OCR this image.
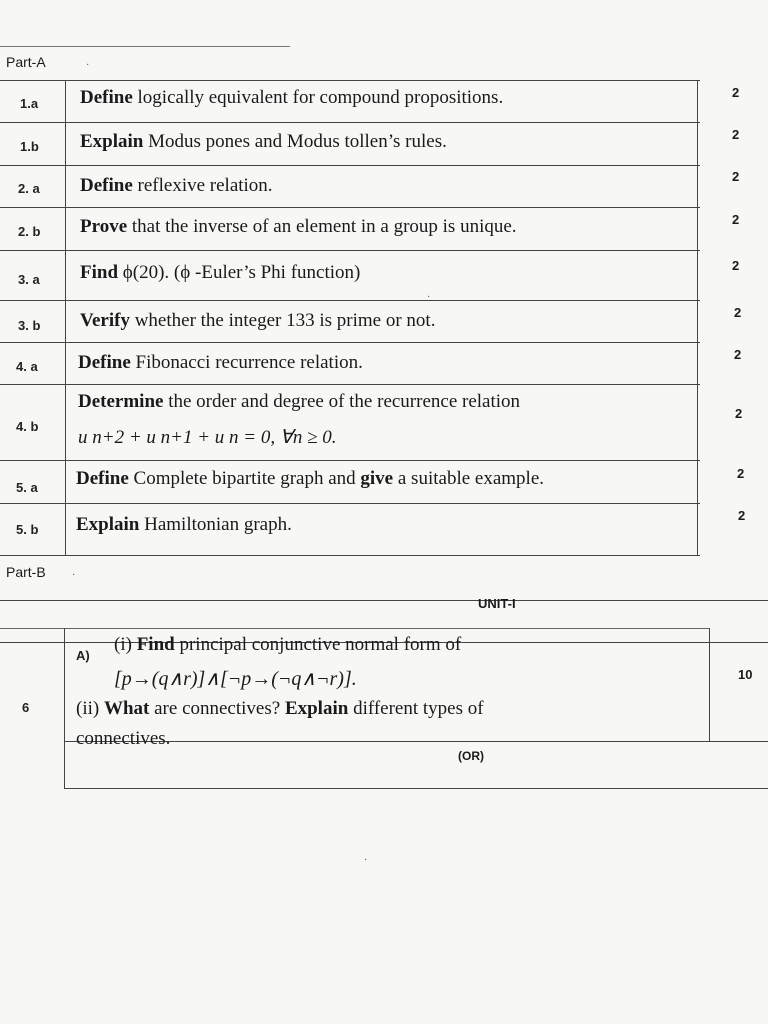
Part-A
1.a
1.b
2. a
2. b
3. a
3. b
4. a
4. b
5. a
5. b
Define logically equivalent for compound propositions.
Explain Modus pones and Modus tollen’s rules.
Define reflexive relation.
Prove that the inverse of an element in a group is unique.
Find ϕ(20). (ϕ -Euler’s Phi function)
Verify whether the integer 133 is prime or not.
Define Fibonacci recurrence relation.
Determine the order and degree of the recurrence relation
u n+2 + u n+1 + u n = 0, ∀n ≥ 0.
Define Complete bipartite graph and give a suitable example.
Explain Hamiltonian graph.
2
2
2
2
2
2
2
2
2
2
Part-B
UNIT-I
6
10
A)
(i) Find principal conjunctive normal form of
[p→(q∧r)]∧[¬p→(¬q∧¬r)].
(ii) What are connectives? Explain different types of
connectives.
(OR)
·
·
·
·
